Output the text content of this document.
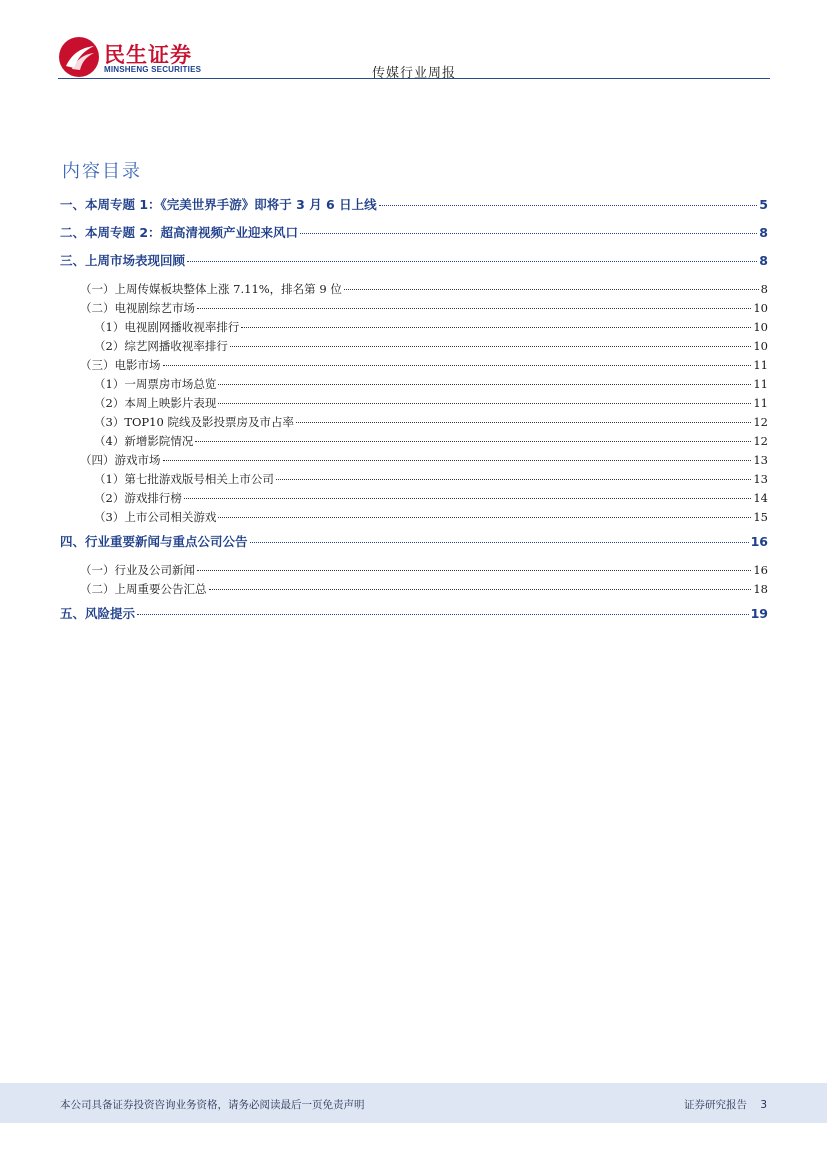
民生证券
MINSHENG SECURITIES	传媒行业周报
内容目录
一、本周专题 1：《完美世界手游》即将于 3 月 6 日上线	5
二、本周专题 2：超高清视频产业迎来风口	8
三、上周市场表现回顾	8
（一）上周传媒板块整体上涨 7.11%，排名第 9 位	8
（二）电视剧综艺市场	10
（1）电视剧网播收视率排行	10
（2）综艺网播收视率排行	10
（三）电影市场	11
（1）一周票房市场总览	11
（2）本周上映影片表现	11
（3）TOP10 院线及影投票房及市占率	12
（4）新增影院情况	12
（四）游戏市场	13
（1）第七批游戏版号相关上市公司	13
（2）游戏排行榜	14
（3）上市公司相关游戏	15
四、行业重要新闻与重点公司公告	16
（一）行业及公司新闻	16
（二）上周重要公告汇总	18
五、风险提示	19
本公司具备证券投资咨询业务资格，请务必阅读最后一页免责声明	证券研究报告 3
